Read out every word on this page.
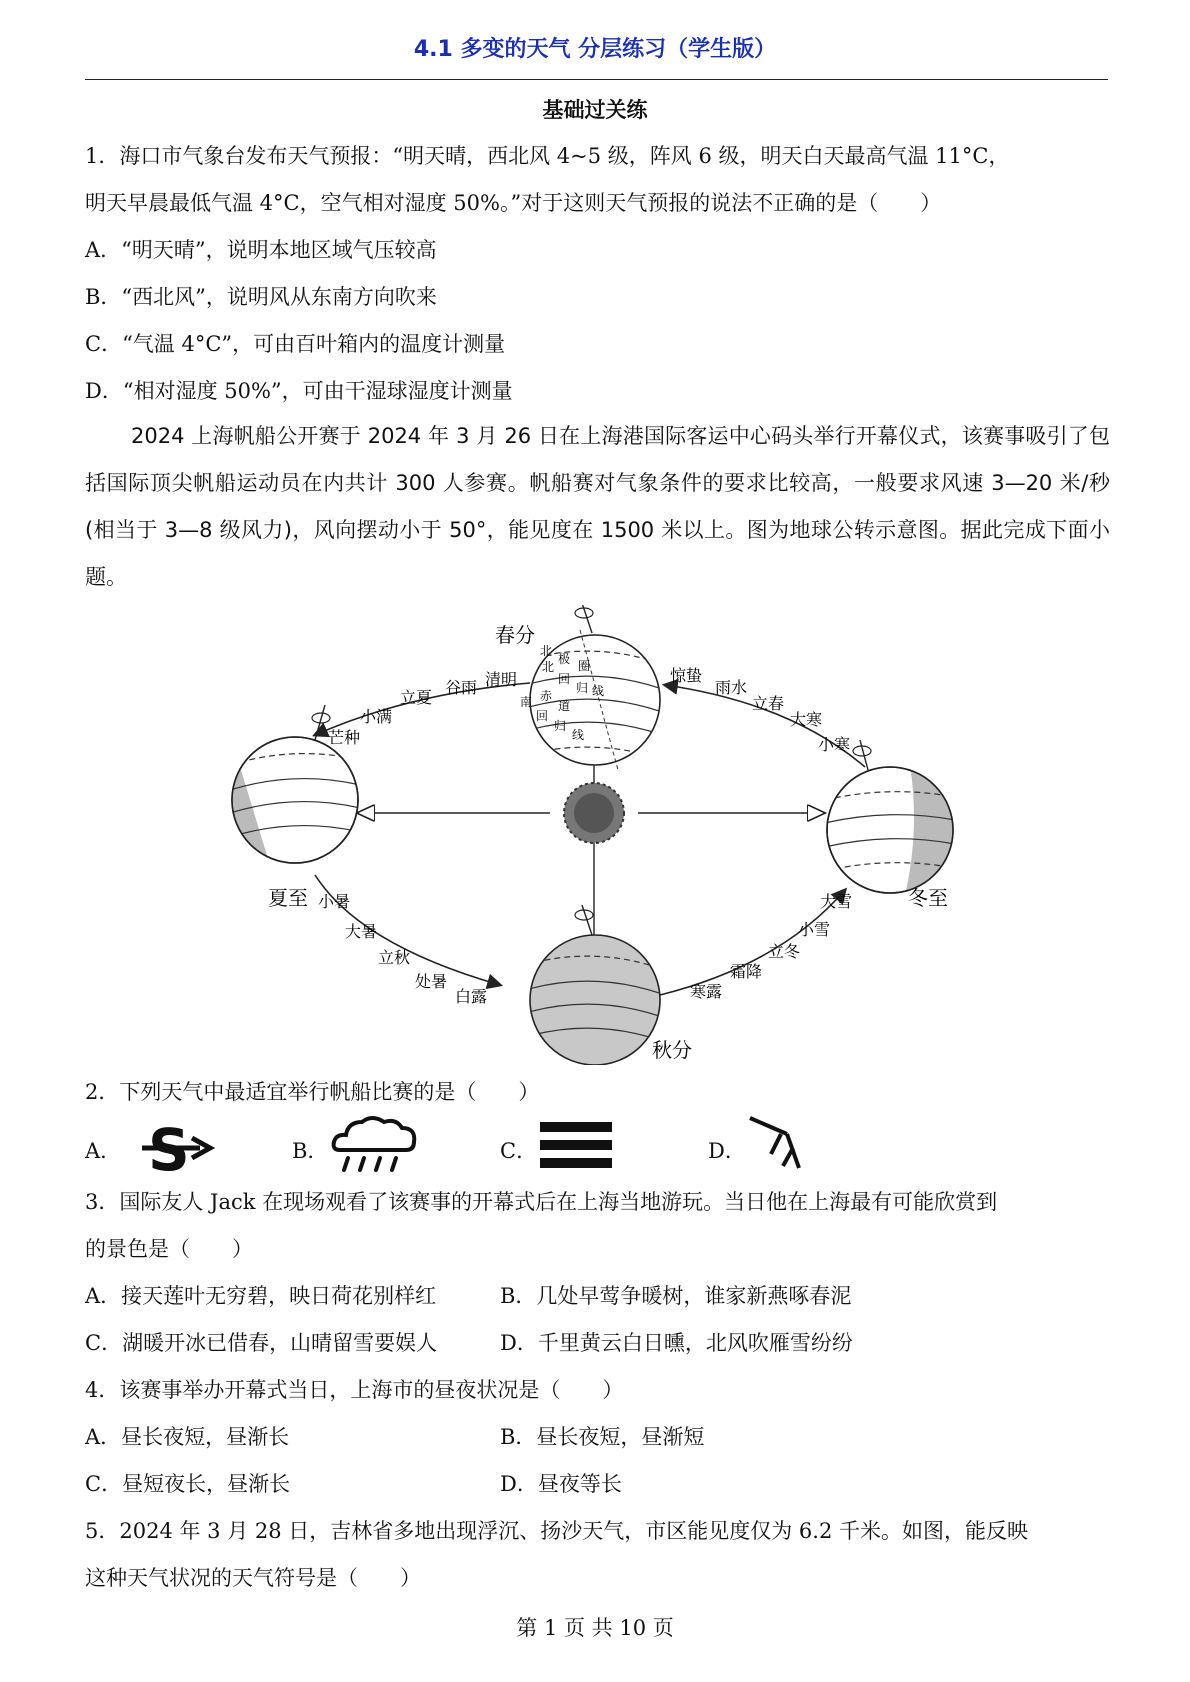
4.1 多变的天气 分层练习（学生版）
基础过关练
1．海口市气象台发布天气预报：“明天晴，西北风 4~5 级，阵风 6 级，明天白天最高气温 11°C，
明天早晨最低气温 4°C，空气相对湿度 50%。”对于这则天气预报的说法不正确的是（　　）
A．“明天晴”，说明本地区域气压较高
B．“西北风”，说明风从东南方向吹来
C．“气温 4°C”，可由百叶箱内的温度计测量
D．“相对湿度 50%”，可由干湿球湿度计测量
2024 上海帆船公开赛于 2024 年 3 月 26 日在上海港国际客运中心码头举行开幕仪式，该赛事吸引了包括国际顶尖帆船运动员在内共计 300 人参赛。帆船赛对气象条件的要求比较高，一般要求风速 3—20 米/秒(相当于 3—8 级风力)，风向摆动小于 50°，能见度在 1500 米以上。图为地球公转示意图。据此完成下面小题。
北
北
极
回
圈
归 线
赤
道
南
回
归
线
春分
夏至
秋分
冬至
清明
谷雨
立夏
小满
芒种
惊蛰
雨水
立春
大寒
小寒
小暑
大暑
立秋
处暑
白露
大雪
小雪
立冬
霜降
寒露
2．下列天气中最适宜举行帆船比赛的是（　　）
A． S	B．	C．	D．
3．国际友人 Jack 在现场观看了该赛事的开幕式后在上海当地游玩。当日他在上海最有可能欣赏到
的景色是（　　）
A．接天莲叶无穷碧，映日荷花别样红	B．几处早莺争暖树，谁家新燕啄春泥
C．湖暖开冰已借春，山晴留雪要娱人	D．千里黄云白日曛，北风吹雁雪纷纷
4．该赛事举办开幕式当日，上海市的昼夜状况是（　　）
A．昼长夜短，昼渐长	B．昼长夜短，昼渐短
C．昼短夜长，昼渐长	D．昼夜等长
5．2024 年 3 月 28 日，吉林省多地出现浮沉、扬沙天气，市区能见度仅为 6.2 千米。如图，能反映
这种天气状况的天气符号是（　　）
第 1 页 共 10 页
